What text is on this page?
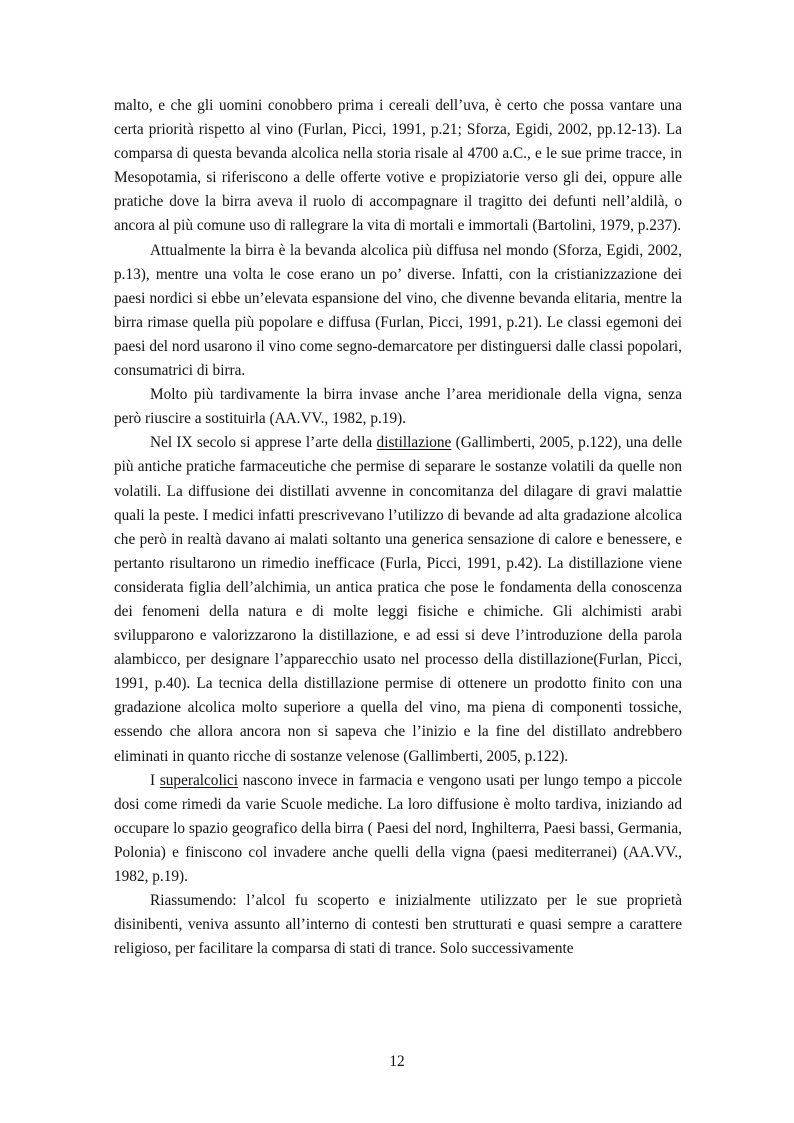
malto, e che gli uomini conobbero prima i cereali dell’uva, è certo che possa vantare una certa priorità rispetto al vino (Furlan, Picci, 1991, p.21; Sforza, Egidi, 2002, pp.12-13). La comparsa di questa bevanda alcolica nella storia risale al 4700 a.C., e le sue prime tracce, in Mesopotamia, si riferiscono a delle offerte votive e propiziatorie verso gli dei, oppure alle pratiche dove la birra aveva il ruolo di accompagnare il tragitto dei defunti nell’aldilà, o ancora al più comune uso di rallegrare la vita di mortali e immortali (Bartolini, 1979, p.237).

Attualmente la birra è la bevanda alcolica più diffusa nel mondo (Sforza, Egidi, 2002, p.13), mentre una volta le cose erano un po’ diverse. Infatti, con la cristianizzazione dei paesi nordici si ebbe un’elevata espansione del vino, che divenne bevanda elitaria, mentre la birra rimase quella più popolare e diffusa (Furlan, Picci, 1991, p.21). Le classi egemoni dei paesi del nord usarono il vino come segno-demarcatore per distinguersi dalle classi popolari, consumatrici di birra.

Molto più tardivamente la birra invase anche l’area meridionale della vigna, senza però riuscire a sostituirla (AA.VV., 1982, p.19).

Nel IX secolo si apprese l’arte della distillazione (Gallimberti, 2005, p.122), una delle più antiche pratiche farmaceutiche che permise di separare le sostanze volatili da quelle non volatili. La diffusione dei distillati avvenne in concomitanza del dilagare di gravi malattie quali la peste. I medici infatti prescrivevano l’utilizzo di bevande ad alta gradazione alcolica che però in realtà davano ai malati soltanto una generica sensazione di calore e benessere, e pertanto risultarono un rimedio inefficace (Furla, Picci, 1991, p.42). La distillazione viene considerata figlia dell’alchimia, un antica pratica che pose le fondamenta della conoscenza dei fenomeni della natura e di molte leggi fisiche e chimiche. Gli alchimisti arabi svilupparono e valorizzarono la distillazione, e ad essi si deve l’introduzione della parola alambicco, per designare l’apparecchio usato nel processo della distillazione(Furlan, Picci, 1991, p.40). La tecnica della distillazione permise di ottenere un prodotto finito con una gradazione alcolica molto superiore a quella del vino, ma piena di componenti tossiche, essendo che allora ancora non si sapeva che l’inizio e la fine del distillato andrebbero eliminati in quanto ricche di sostanze velenose (Gallimberti, 2005, p.122).

I superalcolici nascono invece in farmacia e vengono usati per lungo tempo a piccole dosi come rimedi da varie Scuole mediche. La loro diffusione è molto tardiva, iniziando ad occupare lo spazio geografico della birra ( Paesi del nord, Inghilterra, Paesi bassi, Germania, Polonia) e finiscono col invadere anche quelli della vigna (paesi mediterranei) (AA.VV., 1982, p.19).

Riassumendo: l’alcol fu scoperto e inizialmente utilizzato per le sue proprietà disinibenti, veniva assunto all’interno di contesti ben strutturati e quasi sempre a carattere religioso, per facilitare la comparsa di stati di trance. Solo successivamente

12
